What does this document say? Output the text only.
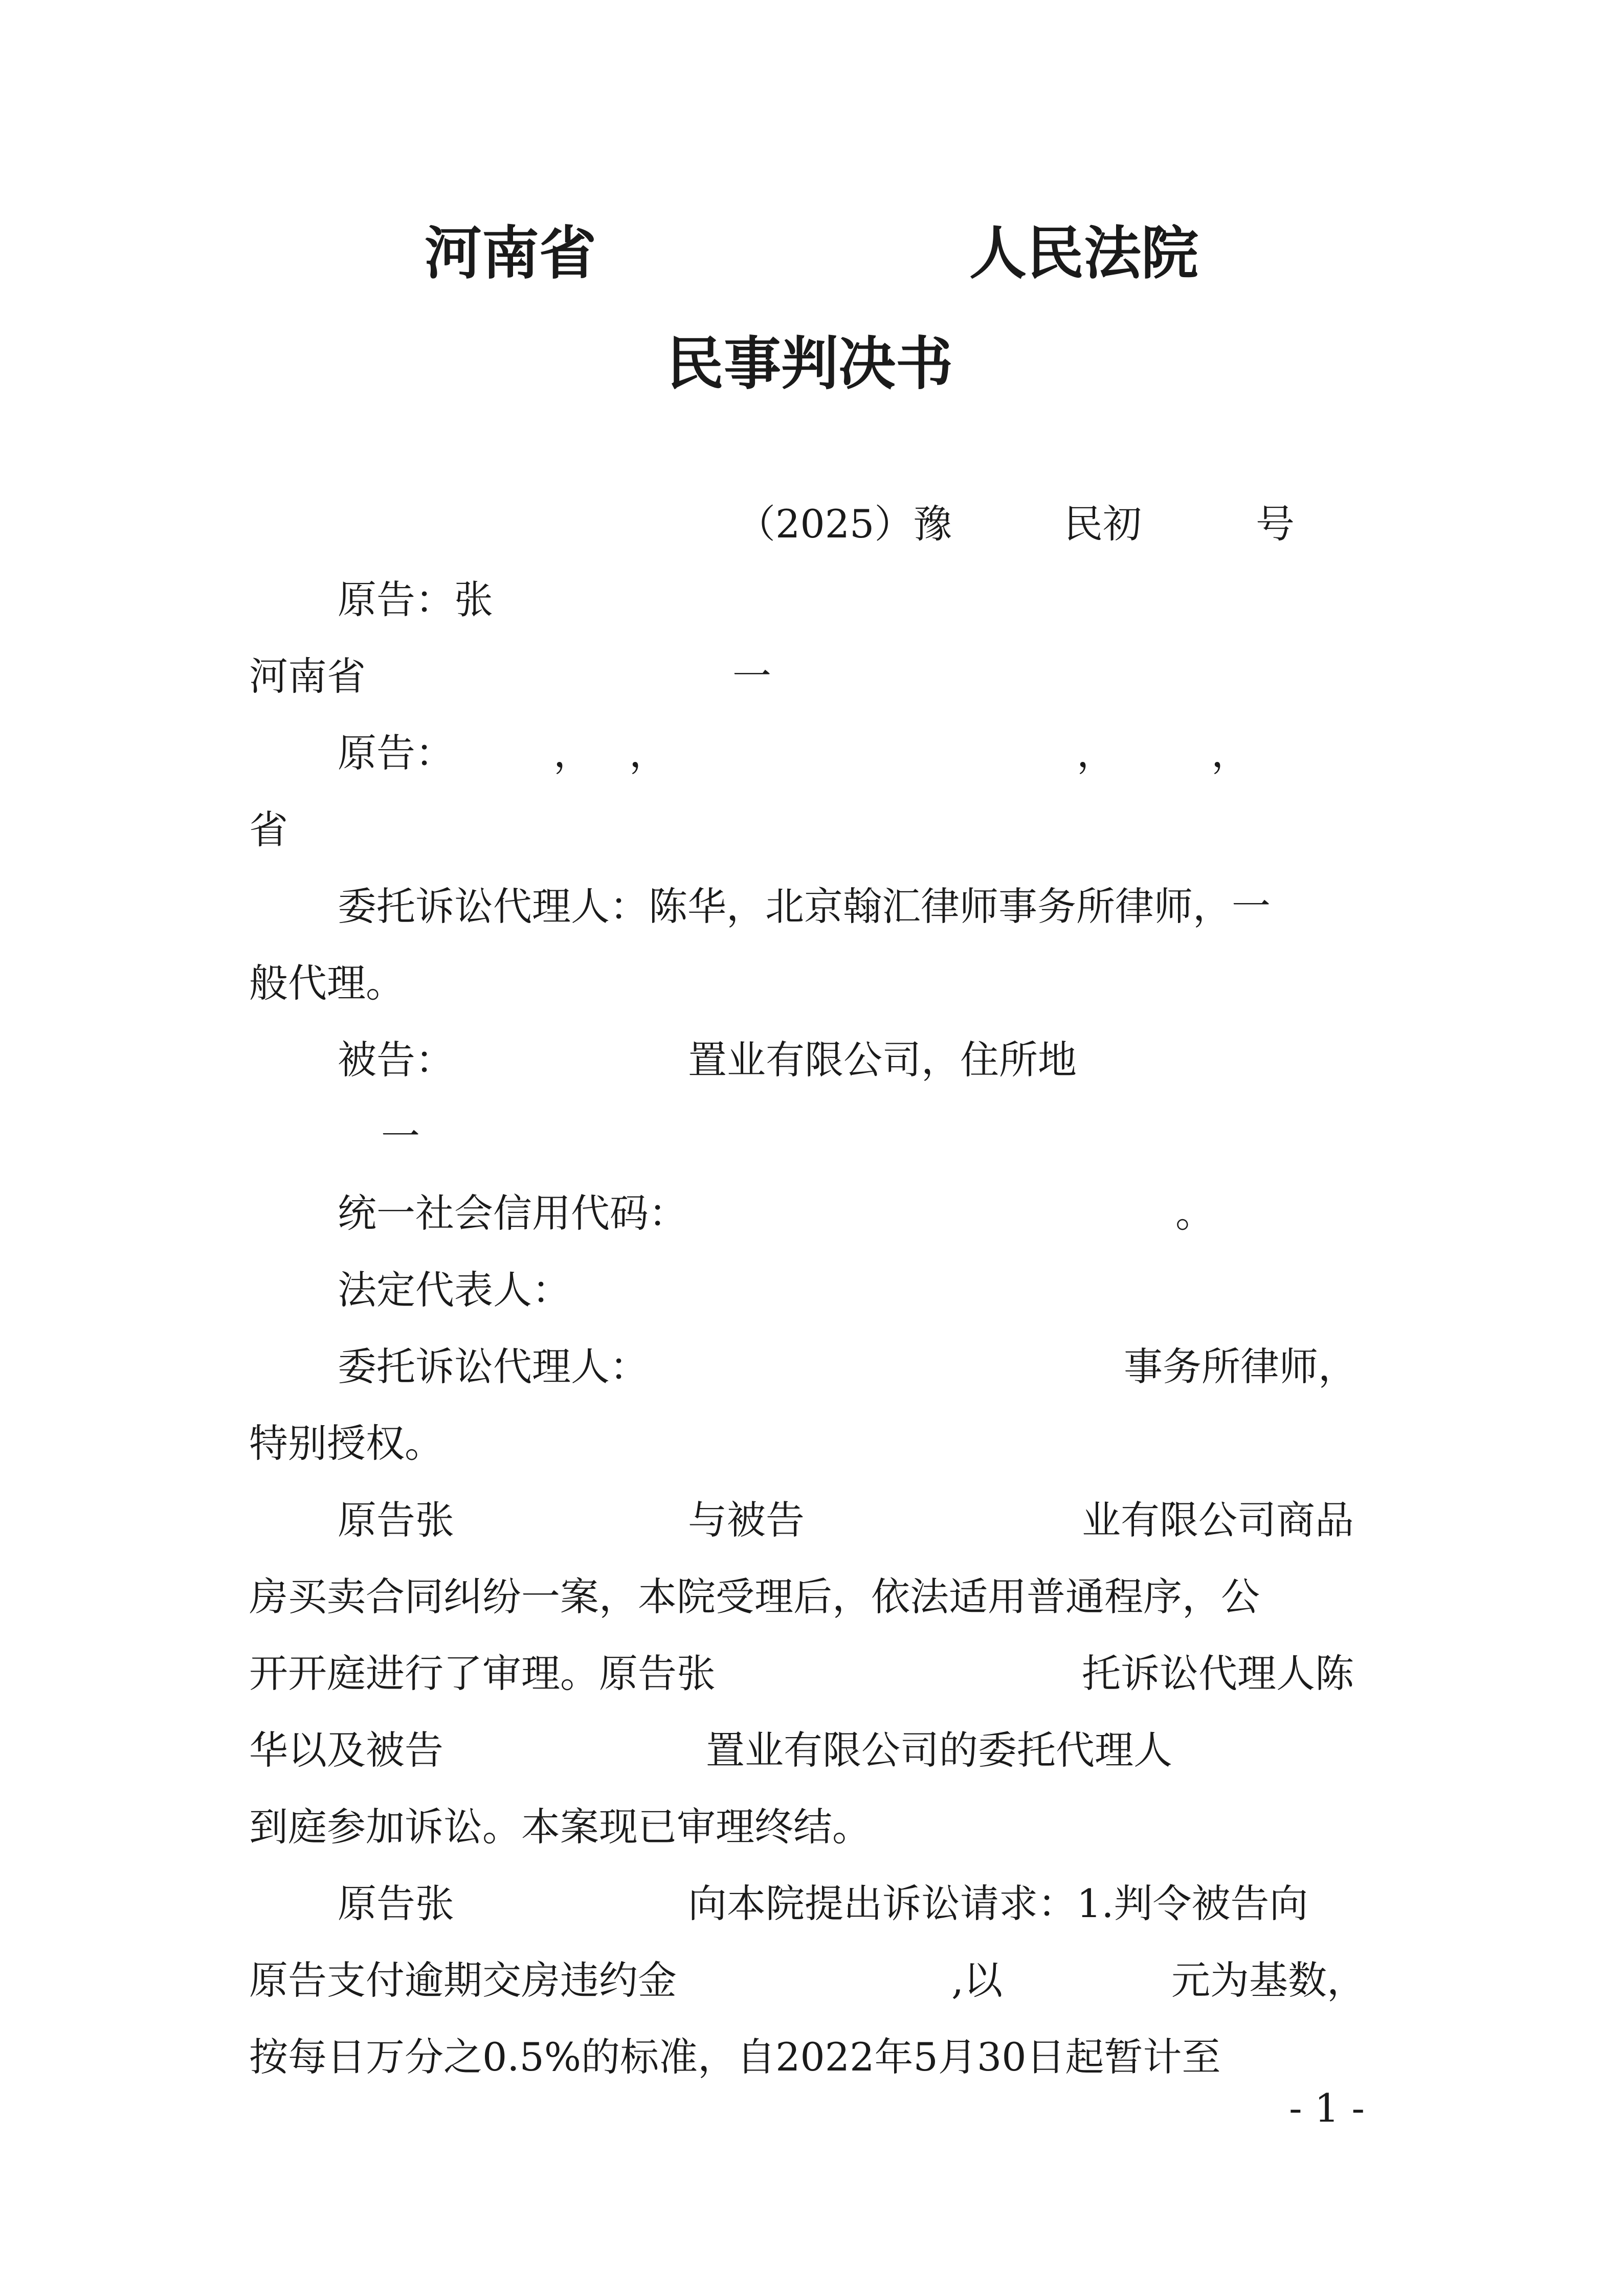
河南省	人民法院
民事判决书
（2025）豫	民初	号
原告：张
河南省	一
原告：	， ，	， ，
省
委托诉讼代理人：陈华，北京翰汇律师事务所律师，一
般代理。
被告：	置业有限公司，住所地
一
统一社会信用代码：	。
法定代表人：
委托诉讼代理人：	事务所律师，
特别授权。
原告张	与被告	业有限公司商品
房买卖合同纠纷一案，本院受理后，依法适用普通程序，公
开开庭进行了审理。原告张	托诉讼代理人陈
华以及被告	置业有限公司的委托代理人
到庭参加诉讼。本案现已审理终结。
原告张	向本院提出诉讼请求：1.判令被告向
原告支付逾期交房违约金	,以	元为基数，
按每日万分之0.5%的标准，自2022年5月30日起暂计至
- 1 -
